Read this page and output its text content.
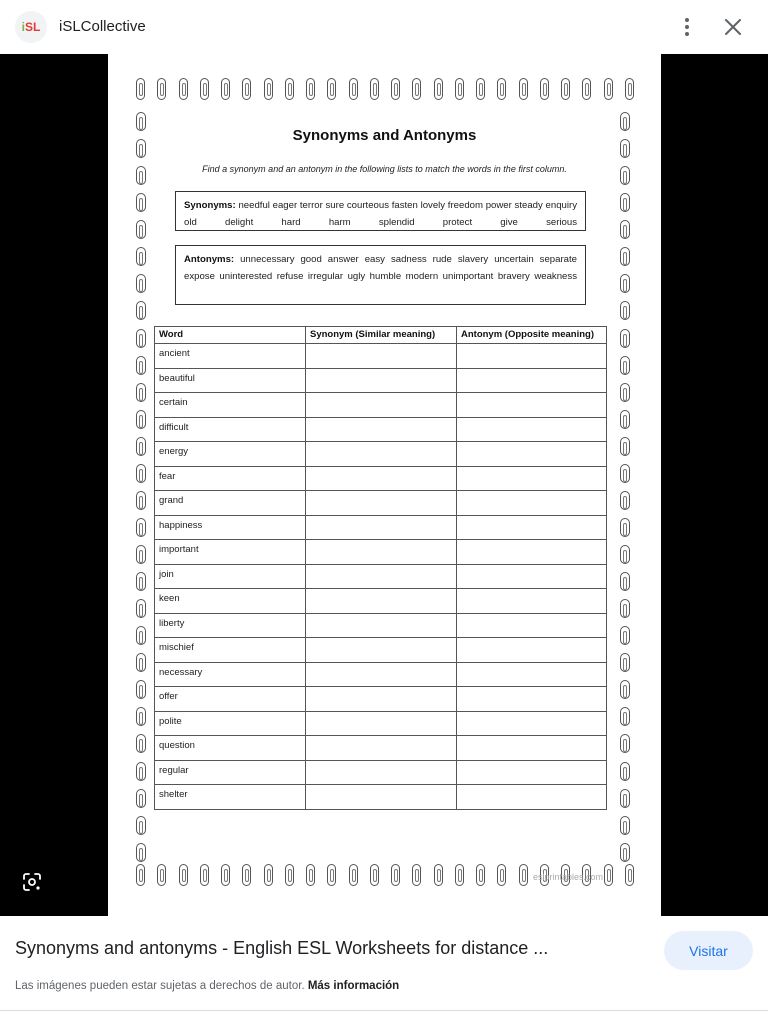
i SL iSLCollective
Synonyms and Antonyms
Find a synonym and an antonym in the following lists to match the words in the first column.
Synonyms: needful eager terror sure courteous fasten lovely freedom power steady enquiry old delight hard harm splendid protect give serious
Antonyms: unnecessary good answer easy sadness rude slavery uncertain separate expose uninterested refuse irregular ugly humble modern unimportant bravery weakness
Word	Synonym (Similar meaning)	Antonym (Opposite meaning)
ancient		
beautiful		
certain		
difficult		
energy		
fear		
grand		
happiness		
important		
join		
keen		
liberty		
mischief		
necessary		
offer		
polite		
question		
regular		
shelter		
eslprintables.com
Synonyms and antonyms - English ESL Worksheets for distance ...	Visitar
Las imágenes pueden estar sujetas a derechos de autor. Más información
